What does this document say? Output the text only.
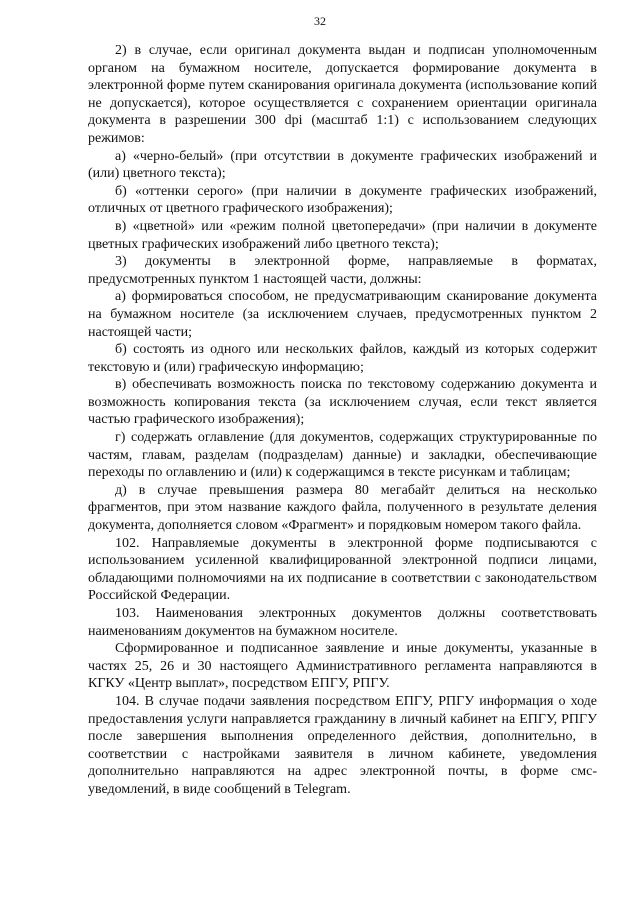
32

2) в случае, если оригинал документа выдан и подписан уполномоченным органом на бумажном носителе, допускается формирование документа в электронной форме путем сканирования оригинала документа (использование копий не допускается), которое осуществляется с сохранением ориентации оригинала документа в разрешении 300 dpi (масштаб 1:1) с использованием следующих режимов:

а) «черно-белый» (при отсутствии в документе графических изображений и (или) цветного текста);

б) «оттенки серого» (при наличии в документе графических изображений, отличных от цветного графического изображения);

в) «цветной» или «режим полной цветопередачи» (при наличии в документе цветных графических изображений либо цветного текста);

3) документы в электронной форме, направляемые в форматах, предусмотренных пунктом 1 настоящей части, должны:

а) формироваться способом, не предусматривающим сканирование документа на бумажном носителе (за исключением случаев, предусмотренных пунктом 2 настоящей части;

б) состоять из одного или нескольких файлов, каждый из которых содержит текстовую и (или) графическую информацию;

в) обеспечивать возможность поиска по текстовому содержанию документа и возможность копирования текста (за исключением случая, если текст является частью графического изображения);

г) содержать оглавление (для документов, содержащих структурированные по частям, главам, разделам (подразделам) данные) и закладки, обеспечивающие переходы по оглавлению и (или) к содержащимся в тексте рисункам и таблицам;

д) в случае превышения размера 80 мегабайт делиться на несколько фрагментов, при этом название каждого файла, полученного в результате деления документа, дополняется словом «Фрагмент» и порядковым номером такого файла.

102. Направляемые документы в электронной форме подписываются с использованием усиленной квалифицированной электронной подписи лицами, обладающими полномочиями на их подписание в соответствии с законодательством Российской Федерации.

103. Наименования электронных документов должны соответствовать наименованиям документов на бумажном носителе.

Сформированное и подписанное заявление и иные документы, указанные в частях 25, 26 и 30 настоящего Административного регламента направляются в КГКУ «Центр выплат», посредством ЕПГУ, РПГУ.

104. В случае подачи заявления посредством ЕПГУ, РПГУ информация о ходе предоставления услуги направляется гражданину в личный кабинет на ЕПГУ, РПГУ после завершения выполнения определенного действия, дополнительно, в соответствии с настройками заявителя в личном кабинете, уведомления дополнительно направляются на адрес электронной почты, в форме смс-уведомлений, в виде сообщений в Telegram.
